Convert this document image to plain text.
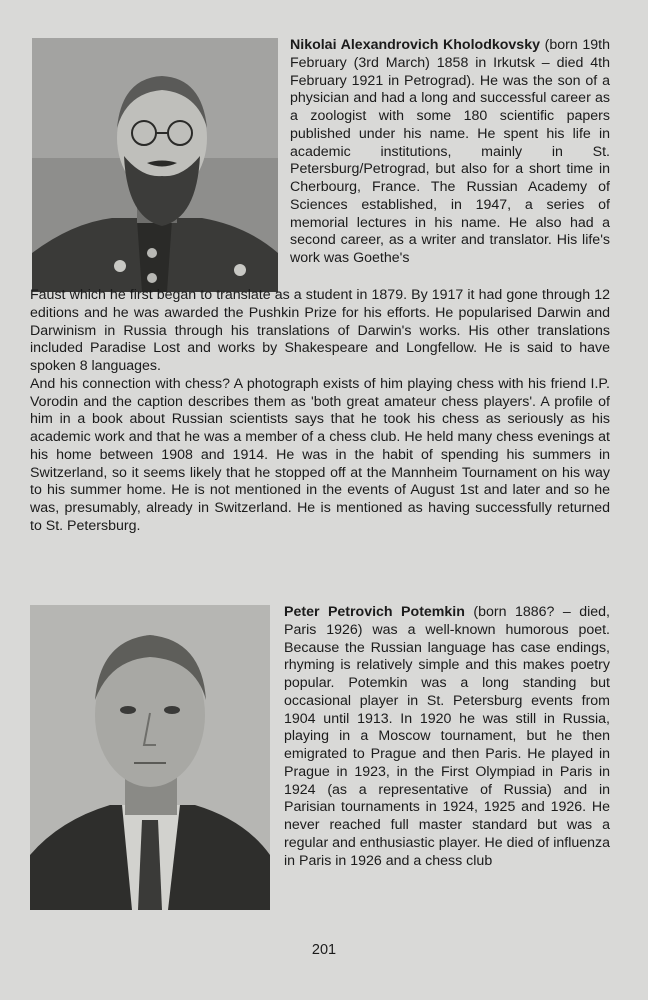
Nikolai Alexandrovich Kholodkovsky (born 19th February (3rd March) 1858 in Irkutsk – died 4th February 1921 in Petrograd). He was the son of a physician and had a long and successful career as a zoologist with some 180 scientific papers published under his name. He spent his life in academic institutions, mainly in St. Petersburg/Petrograd, but also for a short time in Cherbourg, France. The Russian Academy of Sciences established, in 1947, a series of memorial lectures in his name. He also had a second career, as a writer and translator. His life's work was Goethe's

Faust which he first began to translate as a student in 1879. By 1917 it had gone through 12 editions and he was awarded the Pushkin Prize for his efforts. He popularised Darwin and Darwinism in Russia through his translations of Darwin's works. His other translations included Paradise Lost and works by Shakespeare and Longfellow. He is said to have spoken 8 languages.

And his connection with chess? A photograph exists of him playing chess with his friend I.P. Vorodin and the caption describes them as 'both great amateur chess players'. A profile of him in a book about Russian scientists says that he took his chess as seriously as his academic work and that he was a member of a chess club. He held many chess evenings at his home between 1908 and 1914. He was in the habit of spending his summers in Switzerland, so it seems likely that he stopped off at the Mannheim Tournament on his way to his summer home. He is not mentioned in the events of August 1st and later and so he was, presumably, already in Switzerland. He is mentioned as having successfully returned to St. Petersburg.

Peter Petrovich Potemkin (born 1886? – died, Paris 1926) was a well-known humorous poet. Because the Russian language has case endings, rhyming is relatively simple and this makes poetry popular. Potemkin was a long standing but occasional player in St. Petersburg events from 1904 until 1913. In 1920 he was still in Russia, playing in a Moscow tournament, but he then emigrated to Prague and then Paris. He played in Prague in 1923, in the First Olympiad in Paris in 1924 (as a representative of Russia) and in Parisian tournaments in 1924, 1925 and 1926. He never reached full master standard but was a regular and enthusiastic player. He died of influenza in Paris in 1926 and a chess club

201
